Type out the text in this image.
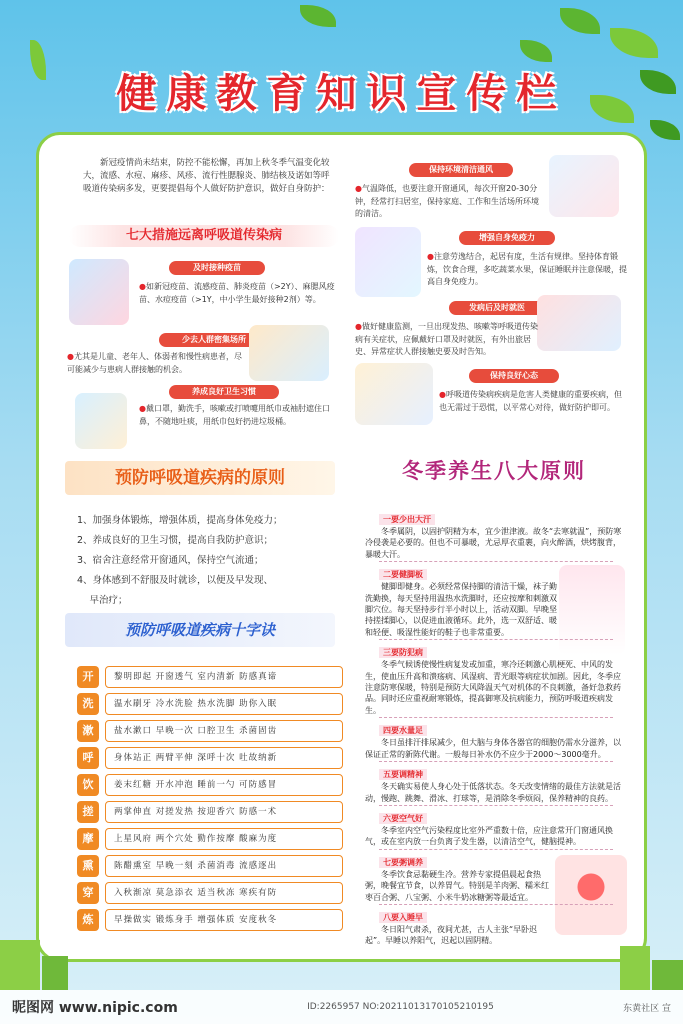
健康教育知识宣传栏
新冠疫情尚未结束，防控不能松懈，再加上秋冬季气温变化较大，流感、水痘、麻疹、风疹、流行性腮腺炎、肺结核及诺如等呼吸道传染病多发，更要提倡每个人做好防护意识，做好自身防护：
七大措施远离呼吸道传染病
及时接种疫苗
●如新冠疫苗、流感疫苗、肺炎疫苗（>2Y）、麻腮风疫苗、水痘疫苗（>1Y，中小学生最好接种2剂）等。
少去人群密集场所
●尤其是儿童、老年人、体弱者和慢性病患者，尽可能减少与患病人群接触的机会。
养成良好卫生习惯
●戴口罩，勤洗手，咳嗽或打喷嚏用纸巾或袖肘遮住口鼻，不随地吐痰，用纸巾包好扔进垃圾桶。
保持环境清洁通风
●气温降低，也要注意开窗通风，每次开窗20-30分钟，经常打扫居室，保持家庭、工作和生活场所环境的清洁。
增强自身免疫力
●注意劳逸结合，起居有度，生活有规律。坚持体育锻炼，饮食合理，多吃蔬菜水果，保证睡眠并注意保暖，提高自身免疫力。
发病后及时就医
●做好健康监测，一旦出现发热、咳嗽等呼吸道传染病有关症状，应佩戴好口罩及时就医，有外出旅居史、异常症状人群接触史要及时告知。
保持良好心态
●呼吸道传染病疾病是危害人类健康的重要疾病，但也无需过于恐慌，以平常心对待，做好防护即可。
预防呼吸道疾病的原则
1、加强身体锻炼，增强体质，提高身体免疫力；
2、养成良好的卫生习惯，提高自我防护意识；
3、宿舍注意经常开窗通风，保持空气流通；
4、身体感到不舒服及时就诊，以便及早发现、
　 早治疗；
预防呼吸道疾病十字诀
开	黎明即起 开窗透气 室内清新 防感真谛
洗	温水刷牙 冷水洗脸 热水洗脚 助你入眠
漱	盐水漱口 早晚一次 口腔卫生 杀菌固齿
呼	身体站正 两臂平伸 深呼十次 吐故纳新
饮	姜末红糖 开水冲泡 睡前一勺 可防感冒
搓	两掌伸直 对搓发热 按迎香穴 防感一术
摩	上星风府 两个穴处 勤作按摩 酸麻为度
熏	陈醋熏室 早晚一刻 杀菌消毒 流感逐出
穿	入秋渐凉 莫急添衣 适当秋冻 寒疾有防
炼	早操做实 锻炼身手 增强体质 安度秋冬
冬季养生八大原则
一要少出大汗
冬季属阴，以固护阴精为本，宜少泄津液。故冬“去寒就温”，预防寒冷侵袭是必要的。但也不可暴暖，尤忌厚衣重裹，向火醉酒，烘烤腹背，暴暖大汗。
二要健脚板
健脚即健身。必须经常保持脚的清洁干燥，袜子勤洗勤换，每天坚持用温热水洗脚时，还应按摩和刺激双脚穴位。每天坚持步行半小时以上，活动双脚。早晚坚持搓揉脚心，以促进血液循环。此外，选一双舒适、暖和轻便、吸湿性能好的鞋子也非常重要。
三要防犯病
冬季气候诱使慢性病复发或加重，寒冷还刺激心肌梗死、中风的发生，使血压升高和溃疡病、风湿病、青光眼等病症状加剧。因此，冬季应注意防寒保暖，特别是预防大风降温天气对机体的不良刺激，备好急救药品。同时还应重视耐寒锻炼，提高御寒及抗病能力，预防呼吸道疾病发生。
四要水量足
冬日虽排汗排尿减少，但大脑与身体各器官的细胞仍需水分滋养，以保证正常的新陈代谢。一般每日补水仍不应少于2000～3000毫升。
五要调精神
冬天确实易使人身心处于低落状态。冬天改变情绪的最佳方法就是活动，慢跑、跳舞、滑冰、打球等，是消除冬季烦闷，保养精神的良药。
六要空气好
冬季室内空气污染程度比室外严重数十倍，应注意常开门窗通风换气，或在室内放一台负离子发生器，以清洁空气，健脑提神。
七要粥调养
冬季饮食忌黏硬生冷。营养专家提倡晨起食热粥，晚餐宜节食，以养胃气。特别是羊肉粥、糯米红枣百合粥、八宝粥、小米牛奶冰糖粥等最适宜。
八要入睡早
冬日阳气肃杀，夜间尤甚，古人主张“早卧迟起”。早睡以养阳气，迟起以固阴精。
昵图网 www.nipic.com	ID:2265957 NO:20211013170105210195	东黄社区 宣
